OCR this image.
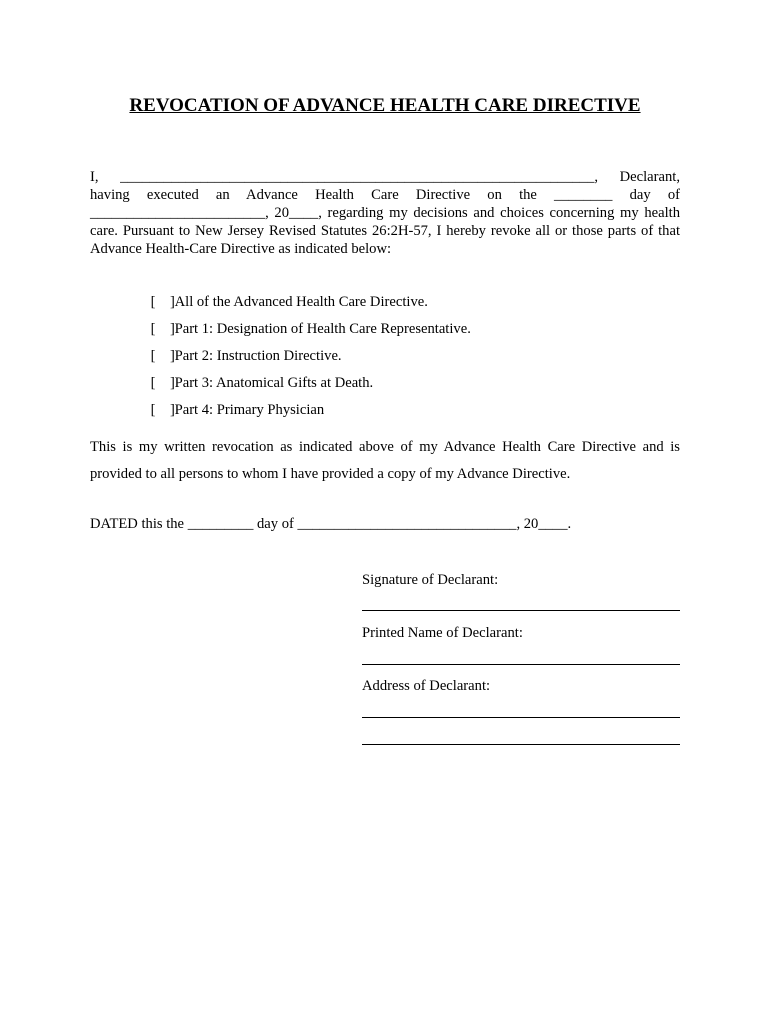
REVOCATION OF ADVANCE HEALTH CARE DIRECTIVE

I, _________________________________________________________________, Declarant, having executed an Advance Health Care Directive on the ________ day of ________________________, 20____, regarding my decisions and choices concerning my health care. Pursuant to New Jersey Revised Statutes 26:2H-57, I hereby revoke all or those parts of that Advance Health-Care Directive as indicated below:

[    ]All of the Advanced Health Care Directive.

[    ]Part 1: Designation of Health Care Representative.

[    ]Part 2: Instruction Directive.

[    ]Part 3: Anatomical Gifts at Death.

[    ]Part 4: Primary Physician

This is my written revocation as indicated above of my Advance Health Care Directive and is provided to all persons to whom I have provided a copy of my Advance Directive.

DATED this the _________ day of ______________________________, 20____.
Signature of Declarant:
Printed Name of Declarant:
Address of Declarant:
